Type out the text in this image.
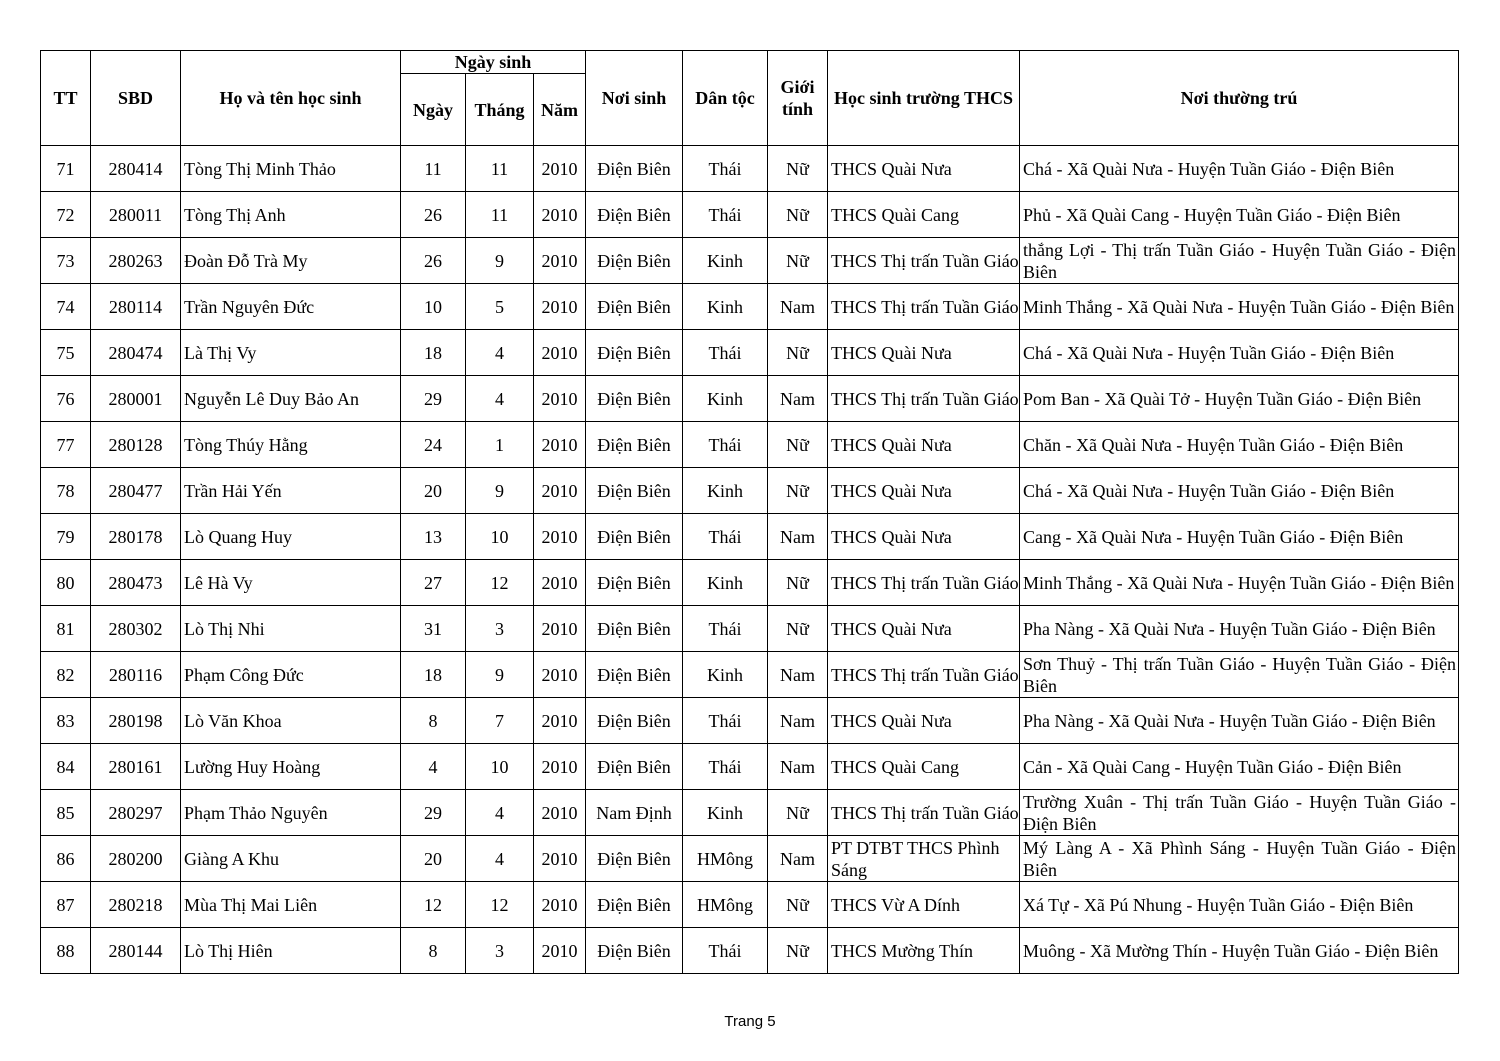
TT	SBD	Họ và tên học sinh	Ngày sinh			Nơi sinh	Dân tộc	Giới tính	Học sinh trường THCS	Nơi thường trú
			Ngày	Tháng	Năm					
71	280414	Tòng Thị Minh Thảo	11	11	2010	Điện Biên	Thái	Nữ	THCS Quài Nưa	Chá - Xã Quài Nưa - Huyện Tuần Giáo - Điện Biên
72	280011	Tòng Thị Anh	26	11	2010	Điện Biên	Thái	Nữ	THCS Quài Cang	Phủ - Xã Quài Cang - Huyện Tuần Giáo - Điện Biên
73	280263	Đoàn Đỗ Trà My	26	9	2010	Điện Biên	Kinh	Nữ	THCS Thị trấn Tuần Giáo	thắng Lợi - Thị trấn Tuần Giáo - Huyện Tuần Giáo - Điện Biên
74	280114	Trần Nguyên Đức	10	5	2010	Điện Biên	Kinh	Nam	THCS Thị trấn Tuần Giáo	Minh Thắng - Xã Quài Nưa - Huyện Tuần Giáo - Điện Biên
75	280474	Là Thị Vy	18	4	2010	Điện Biên	Thái	Nữ	THCS Quài Nưa	Chá - Xã Quài Nưa - Huyện Tuần Giáo - Điện Biên
76	280001	Nguyễn Lê Duy Bảo An	29	4	2010	Điện Biên	Kinh	Nam	THCS Thị trấn Tuần Giáo	Pom Ban - Xã Quài Tở - Huyện Tuần Giáo - Điện Biên
77	280128	Tòng Thúy Hằng	24	1	2010	Điện Biên	Thái	Nữ	THCS Quài Nưa	Chăn - Xã Quài Nưa - Huyện Tuần Giáo - Điện Biên
78	280477	Trần Hải Yến	20	9	2010	Điện Biên	Kinh	Nữ	THCS Quài Nưa	Chá - Xã Quài Nưa - Huyện Tuần Giáo - Điện Biên
79	280178	Lò Quang Huy	13	10	2010	Điện Biên	Thái	Nam	THCS Quài Nưa	Cang - Xã Quài Nưa - Huyện Tuần Giáo - Điện Biên
80	280473	Lê Hà Vy	27	12	2010	Điện Biên	Kinh	Nữ	THCS Thị trấn Tuần Giáo	Minh Thắng - Xã Quài Nưa - Huyện Tuần Giáo - Điện Biên
81	280302	Lò Thị Nhi	31	3	2010	Điện Biên	Thái	Nữ	THCS Quài Nưa	Pha Nàng - Xã Quài Nưa - Huyện Tuần Giáo - Điện Biên
82	280116	Phạm Công Đức	18	9	2010	Điện Biên	Kinh	Nam	THCS Thị trấn Tuần Giáo	Sơn Thuỷ - Thị trấn Tuần Giáo - Huyện Tuần Giáo - Điện Biên
83	280198	Lò Văn Khoa	8	7	2010	Điện Biên	Thái	Nam	THCS Quài Nưa	Pha Nàng - Xã Quài Nưa - Huyện Tuần Giáo - Điện Biên
84	280161	Lường Huy Hoàng	4	10	2010	Điện Biên	Thái	Nam	THCS Quài Cang	Cản - Xã Quài Cang - Huyện Tuần Giáo - Điện Biên
85	280297	Phạm Thảo Nguyên	29	4	2010	Nam Định	Kinh	Nữ	THCS Thị trấn Tuần Giáo	Trường Xuân - Thị trấn Tuần Giáo - Huyện Tuần Giáo - Điện Biên
86	280200	Giàng A Khu	20	4	2010	Điện Biên	HMông	Nam	PT DTBT THCS Phình Sáng	Mý Làng A - Xã Phình Sáng - Huyện Tuần Giáo - Điện Biên
87	280218	Mùa Thị Mai Liên	12	12	2010	Điện Biên	HMông	Nữ	THCS Vừ A Dính	Xá Tự - Xã Pú Nhung - Huyện Tuần Giáo - Điện Biên
88	280144	Lò Thị Hiên	8	3	2010	Điện Biên	Thái	Nữ	THCS Mường Thín	Muông - Xã Mường Thín - Huyện Tuần Giáo - Điện Biên
Trang 5
